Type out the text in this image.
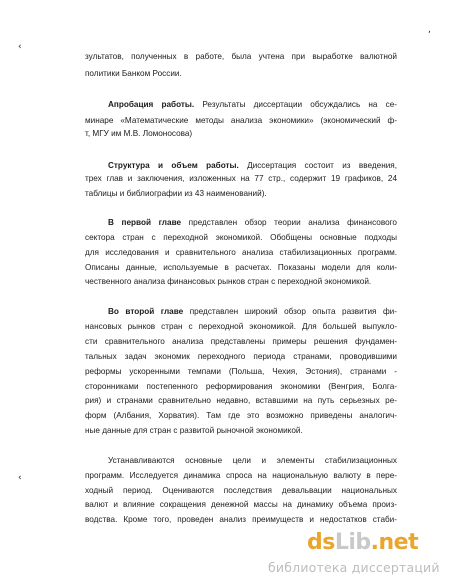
‹
‹
,
зультатов, полученных в работе, была учтена при выработке валютной
политики Банком России.
Апробация работы. Результаты диссертации обсуждались на се-
минаре «Математические методы анализа экономики» (экономический ф-
т, МГУ им М.В. Ломоносова)
Структура и объем работы. Диссертация состоит из введения,
трех глав и заключения, изложенных на 77 стр., содержит 19 графиков, 24
таблицы и библиографии из 43 наименований).
В первой главе представлен обзор теории анализа финансового
сектора стран с переходной экономикой. Обобщены основные подходы
для исследования и сравнительного анализа стабилизационных программ.
Описаны данные, используемые в расчетах. Показаны модели для коли-
чественного анализа финансовых рынков стран с переходной экономикой.
Во второй главе представлен широкий обзор опыта развития фи-
нансовых рынков стран с переходной экономикой. Для большей выпукло-
сти сравнительного анализа представлены примеры решения фундамен-
тальных задач экономик переходного периода странами, проводившими
реформы ускоренными темпами (Польша, Чехия, Эстония), странами -
сторонниками постепенного реформирования экономики (Венгрия, Болга-
рия) и странами сравнительно недавно, вставшими на путь серьезных ре-
форм (Албания, Хорватия). Там где это возможно приведены аналогич-
ные данные для стран с развитой рыночной экономикой.
Устанавливаются основные цели и элементы стабилизационных
программ. Исследуется динамика спроса на национальную валюту в пере-
ходный период. Оцениваются последствия девальвации национальных
валют и влияние сокращения денежной массы на динамику объема произ-
водства. Кроме того, проведен анализ преимуществ и недостатков стаби-
dsLib.net
библиотека диссертаций
